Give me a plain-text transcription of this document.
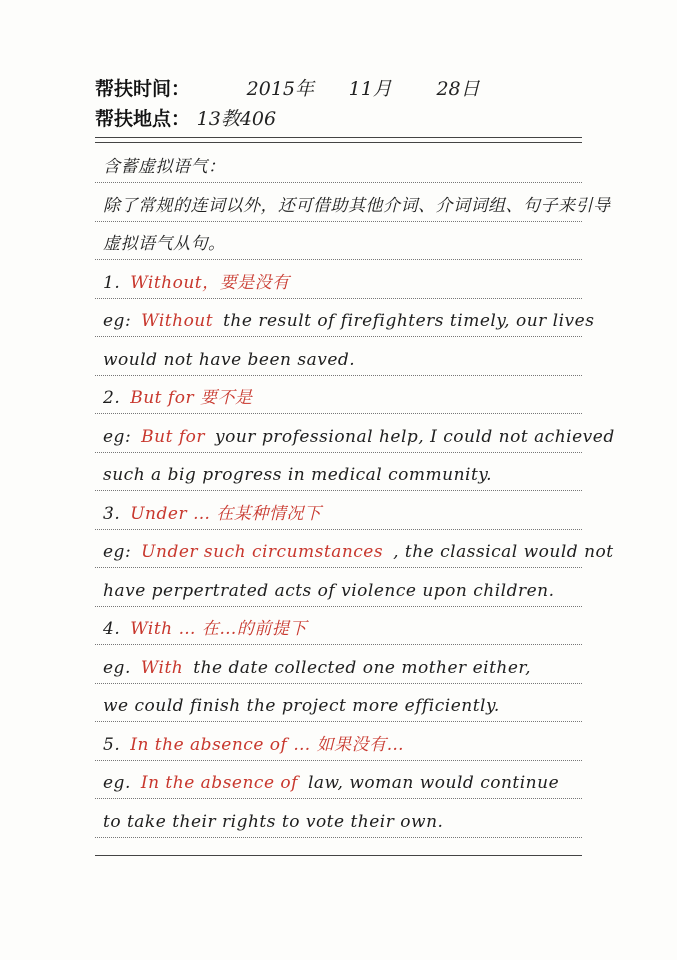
帮扶时间：	2015年 11月 28日
帮扶地点： 13教406
含蓄虚拟语气：
除了常规的连词以外，还可借助其他介词、介词词组、句子来引导
虚拟语气从句。
1. Without，要是没有
eg: Without the result of firefighters timely, our lives
would not have been saved.
2. But for 要不是
eg: But for your professional help, I could not achieved
such a big progress in medical community.
3. Under … 在某种情况下
eg: Under such circumstances , the classical would not
have perpertrated acts of violence upon children.
4. With … 在…的前提下
eg. With the date collected one mother either,
we could finish the project more efficiently.
5. In the absence of … 如果没有…
eg. In the absence of law, woman would continue
to take their rights to vote their own.
